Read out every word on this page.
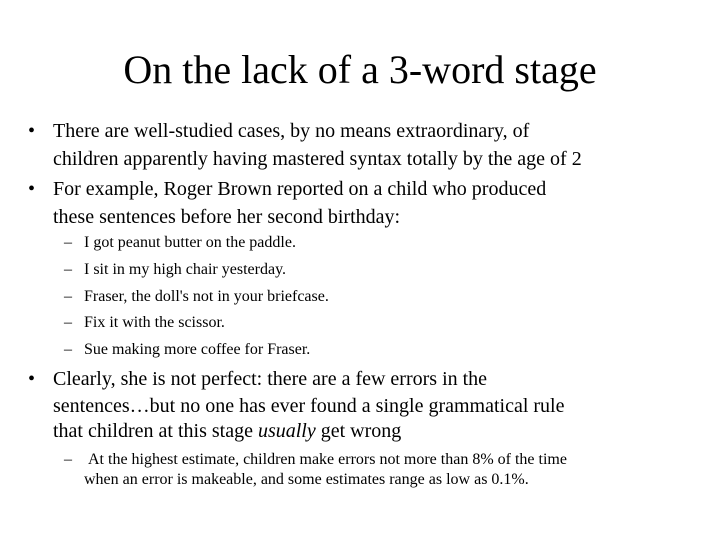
On the lack of a 3-word stage
• There are well-studied cases, by no means extraordinary, of
children apparently having mastered syntax totally by the age of 2
• For example, Roger Brown reported on a child who produced
these sentences before her second birthday:
– I got peanut butter on the paddle.
– I sit in my high chair yesterday.
– Fraser, the doll's not in your briefcase.
– Fix it with the scissor.
– Sue making more coffee for Fraser.
• Clearly, she is not perfect: there are a few errors in the
sentences…but no one has ever found a single grammatical rule
that children at this stage usually get wrong
– At the highest estimate, children make errors not more than 8% of the time
when an error is makeable, and some estimates range as low as 0.1%.
